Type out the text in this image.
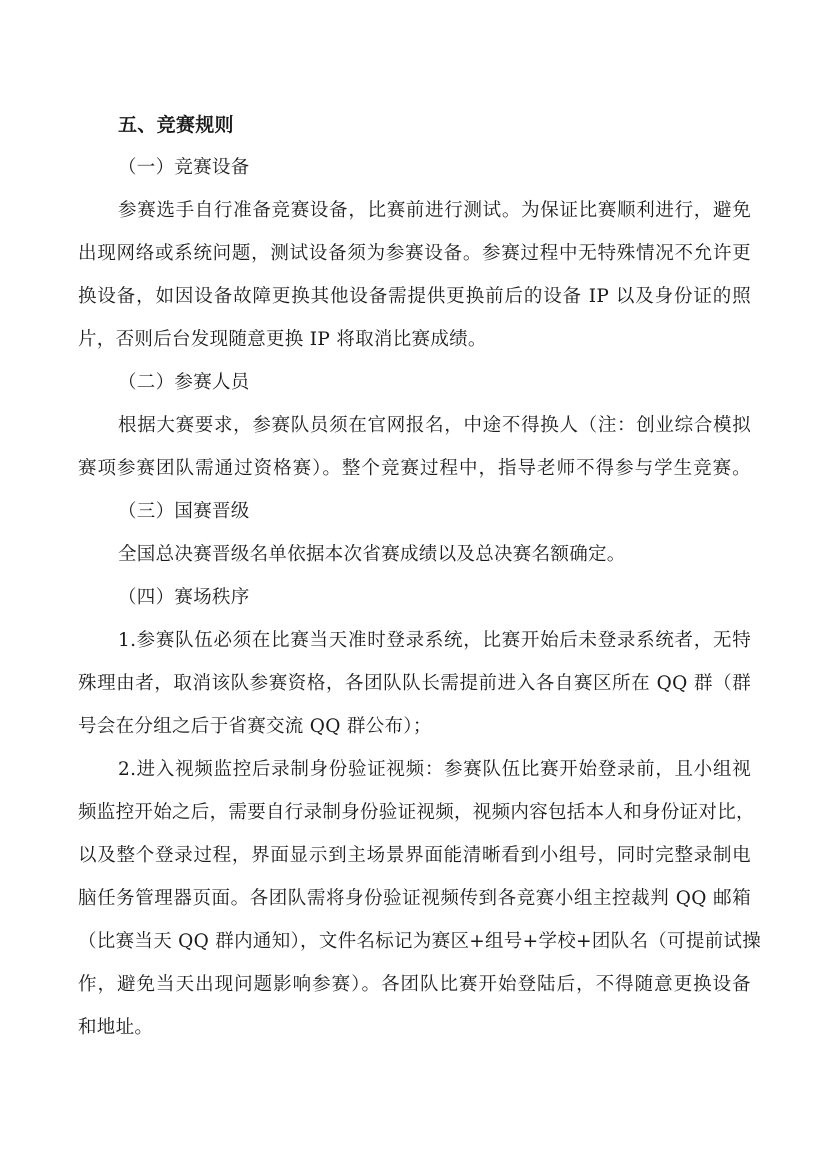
五、竞赛规则
（一）竞赛设备
参赛选手自行准备竞赛设备，比赛前进行测试。为保证比赛顺利进行，避免
出现网络或系统问题，测试设备须为参赛设备。参赛过程中无特殊情况不允许更
换设备，如因设备故障更换其他设备需提供更换前后的设备 IP 以及身份证的照
片，否则后台发现随意更换 IP 将取消比赛成绩。
（二）参赛人员
根据大赛要求，参赛队员须在官网报名，中途不得换人（注：创业综合模拟
赛项参赛团队需通过资格赛）。整个竞赛过程中，指导老师不得参与学生竞赛。
（三）国赛晋级
全国总决赛晋级名单依据本次省赛成绩以及总决赛名额确定。
（四）赛场秩序
1.参赛队伍必须在比赛当天准时登录系统，比赛开始后未登录系统者，无特
殊理由者，取消该队参赛资格，各团队队长需提前进入各自赛区所在 QQ 群（群
号会在分组之后于省赛交流 QQ 群公布）；
2.进入视频监控后录制身份验证视频：参赛队伍比赛开始登录前，且小组视
频监控开始之后，需要自行录制身份验证视频，视频内容包括本人和身份证对比，
以及整个登录过程，界面显示到主场景界面能清晰看到小组号，同时完整录制电
脑任务管理器页面。各团队需将身份验证视频传到各竞赛小组主控裁判 QQ 邮箱
（比赛当天 QQ 群内通知），文件名标记为赛区+组号+学校+团队名（可提前试操
作，避免当天出现问题影响参赛）。各团队比赛开始登陆后，不得随意更换设备
和地址。
